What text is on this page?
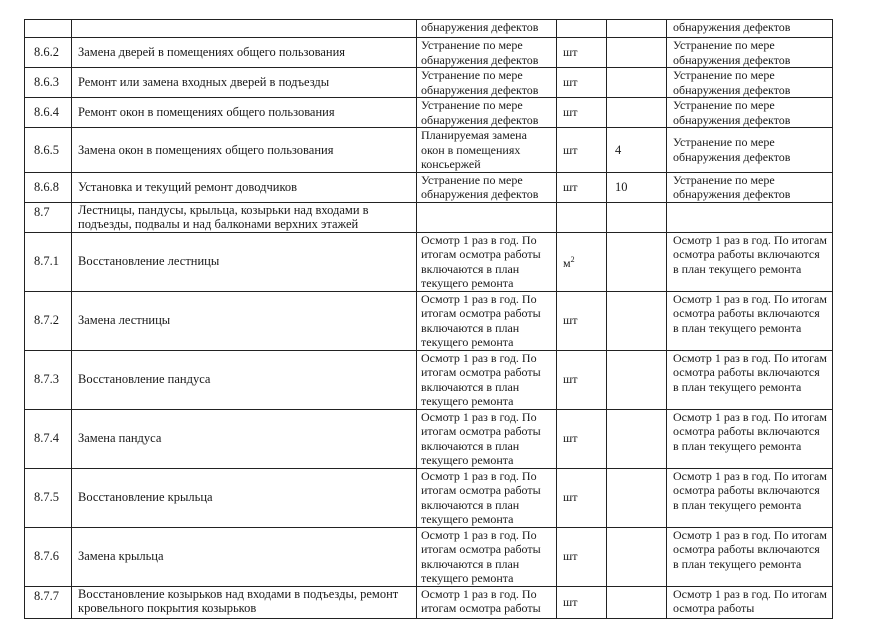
		обнаружения дефектов			обнаружения дефектов
8.6.2	Замена дверей в помещениях общего пользования	Устранение по мере обнаружения дефектов	шт		Устранение по мере обнаружения дефектов
8.6.3	Ремонт или замена входных дверей в подъезды	Устранение по мере обнаружения дефектов	шт		Устранение по мере обнаружения дефектов
8.6.4	Ремонт окон в помещениях общего пользования	Устранение по мере обнаружения дефектов	шт		Устранение по мере обнаружения дефектов
8.6.5	Замена окон в помещениях общего пользования	Планируемая замена окон в помещениях консьержей	шт	4	Устранение по мере обнаружения дефектов
8.6.8	Установка и текущий ремонт доводчиков	Устранение по мере обнаружения дефектов	шт	10	Устранение по мере обнаружения дефектов
8.7	Лестницы, пандусы, крыльца, козырьки над входами в подъезды, подвалы и над балконами верхних этажей				
8.7.1	Восстановление лестницы	Осмотр 1 раз в год. По итогам осмотра работы включаются в план текущего ремонта	$м^2$		Осмотр 1 раз в год. По итогам осмотра работы включаются в план текущего ремонта
8.7.2	Замена лестницы	Осмотр 1 раз в год. По итогам осмотра работы включаются в план текущего ремонта	шт		Осмотр 1 раз в год. По итогам осмотра работы включаются в план текущего ремонта
8.7.3	Восстановление пандуса	Осмотр 1 раз в год. По итогам осмотра работы включаются в план текущего ремонта	шт		Осмотр 1 раз в год. По итогам осмотра работы включаются в план текущего ремонта
8.7.4	Замена пандуса	Осмотр 1 раз в год. По итогам осмотра работы включаются в план текущего ремонта	шт		Осмотр 1 раз в год. По итогам осмотра работы включаются в план текущего ремонта
8.7.5	Восстановление крыльца	Осмотр 1 раз в год. По итогам осмотра работы включаются в план текущего ремонта	шт		Осмотр 1 раз в год. По итогам осмотра работы включаются в план текущего ремонта
8.7.6	Замена крыльца	Осмотр 1 раз в год. По итогам осмотра работы включаются в план текущего ремонта	шт		Осмотр 1 раз в год. По итогам осмотра работы включаются в план текущего ремонта
8.7.7	Восстановление козырьков над входами в подъезды, ремонт кровельного покрытия козырьков	Осмотр 1 раз в год. По итогам осмотра работы	шт		Осмотр 1 раз в год. По итогам осмотра работы
